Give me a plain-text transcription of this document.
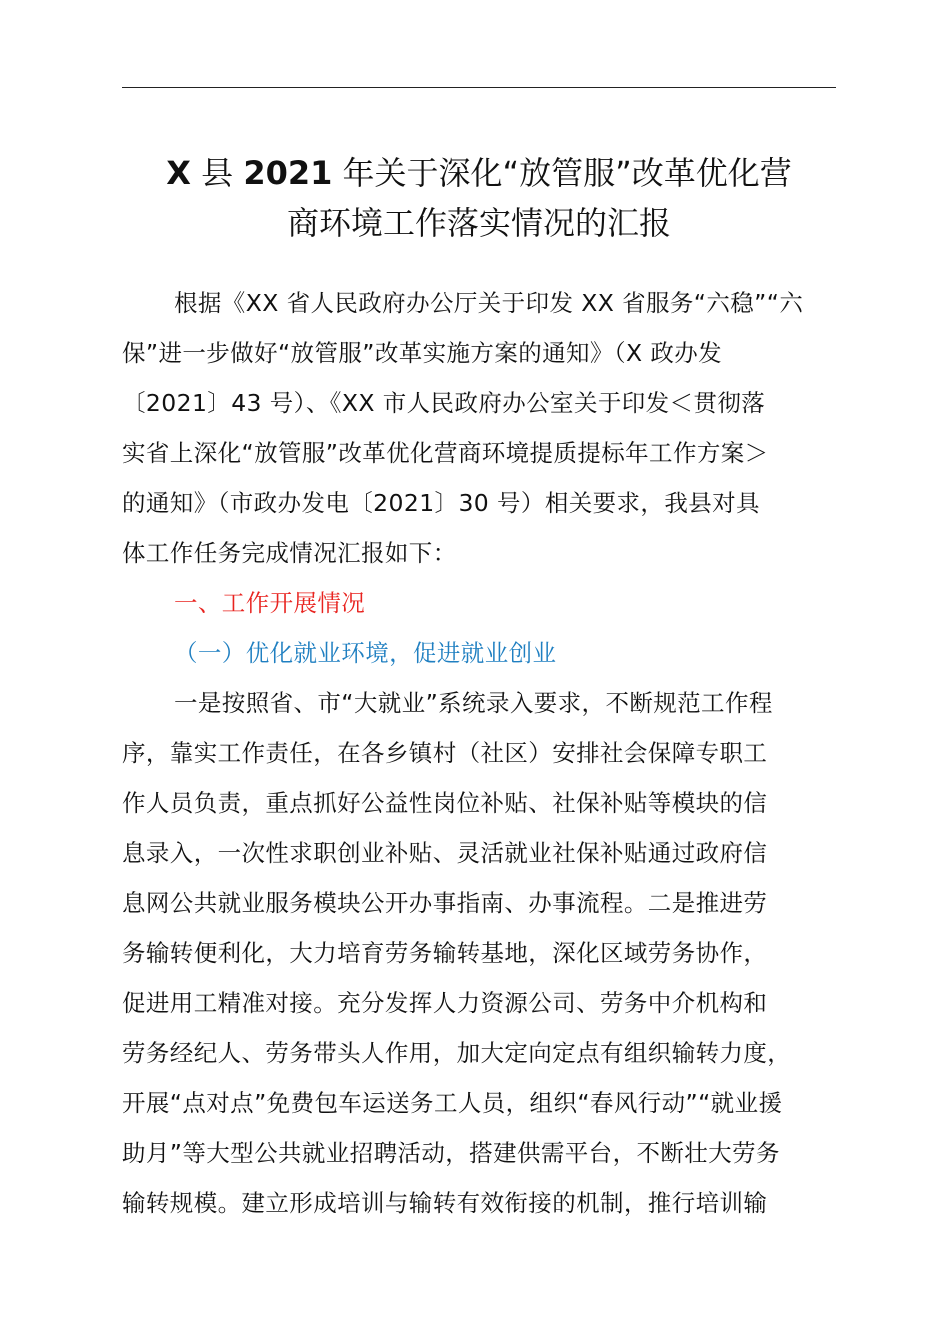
X 县 2021 年关于深化“放管服”改革优化营
商环境工作落实情况的汇报
根据《XX 省人民政府办公厅关于印发 XX 省服务“六稳”“六
保”进一步做好“放管服”改革实施方案的通知》（X 政办发
〔2021〕43 号）、《XX 市人民政府办公室关于印发＜贯彻落
实省上深化“放管服”改革优化营商环境提质提标年工作方案＞
的通知》（市政办发电〔2021〕30 号）相关要求，我县对具
体工作任务完成情况汇报如下：
一、工作开展情况
（一）优化就业环境，促进就业创业
一是按照省、市“大就业”系统录入要求，不断规范工作程
序，靠实工作责任，在各乡镇村（社区）安排社会保障专职工
作人员负责，重点抓好公益性岗位补贴、社保补贴等模块的信
息录入，一次性求职创业补贴、灵活就业社保补贴通过政府信
息网公共就业服务模块公开办事指南、办事流程。二是推进劳
务输转便利化，大力培育劳务输转基地，深化区域劳务协作，
促进用工精准对接。充分发挥人力资源公司、劳务中介机构和
劳务经纪人、劳务带头人作用，加大定向定点有组织输转力度，
开展“点对点”免费包车运送务工人员，组织“春风行动”“就业援
助月”等大型公共就业招聘活动，搭建供需平台，不断壮大劳务
输转规模。建立形成培训与输转有效衔接的机制，推行培训输
